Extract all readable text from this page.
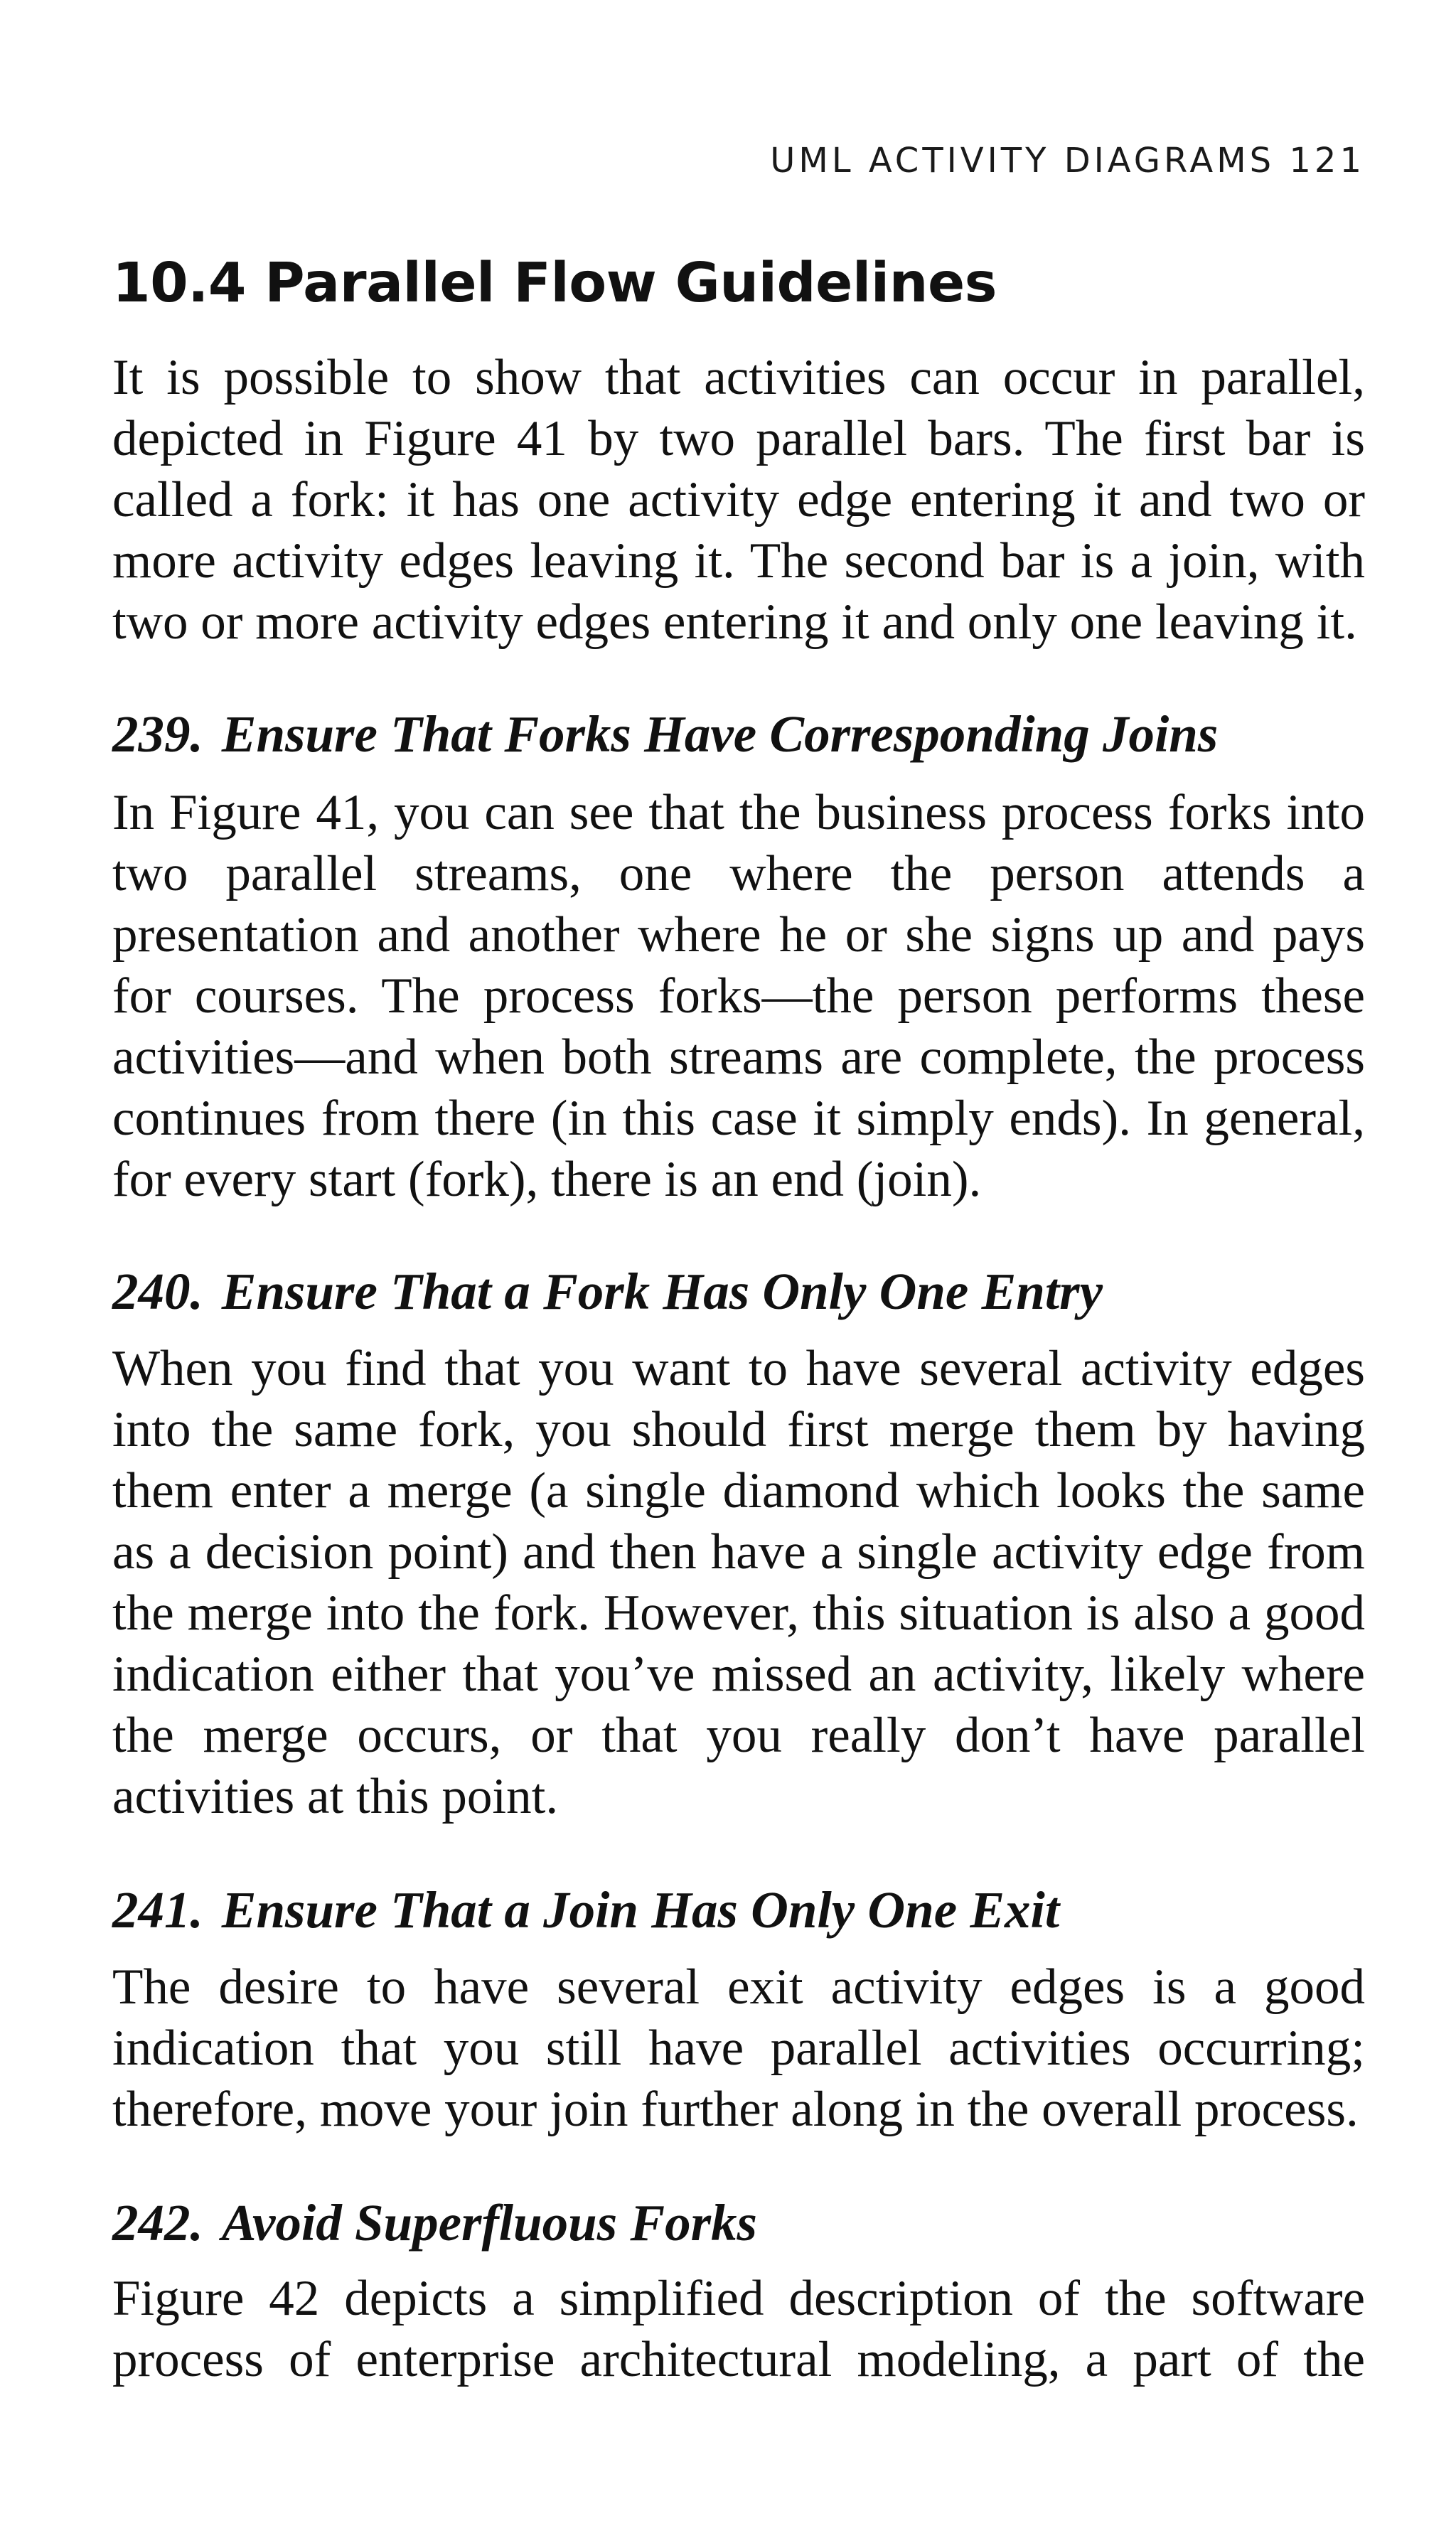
UML ACTIVITY DIAGRAMS 121
10.4 Parallel Flow Guidelines

It is possible to show that activities can occur in parallel, depicted in Figure 41 by two parallel bars. The first bar is called a fork: it has one activity edge entering it and two or more activity edges leaving it. The second bar is a join, with two or more activity edges entering it and only one leaving it.

239. Ensure That Forks Have Corresponding Joins

In Figure 41, you can see that the business process forks into two parallel streams, one where the person attends a presentation and another where he or she signs up and pays for courses. The process forks—the person performs these activities—and when both streams are complete, the process continues from there (in this case it simply ends). In general, for every start (fork), there is an end (join).

240. Ensure That a Fork Has Only One Entry

When you find that you want to have several activity edges into the same fork, you should first merge them by having them enter a merge (a single diamond which looks the same as a decision point) and then have a single activity edge from the merge into the fork. However, this situation is also a good indication either that you’ve missed an activity, likely where the merge occurs, or that you really don’t have parallel activities at this point.

241. Ensure That a Join Has Only One Exit

The desire to have several exit activity edges is a good indication that you still have parallel activities occurring; therefore, move your join further along in the overall process.

242. Avoid Superfluous Forks

Figure 42 depicts a simplified description of the software process of enterprise architectural modeling, a part of the
